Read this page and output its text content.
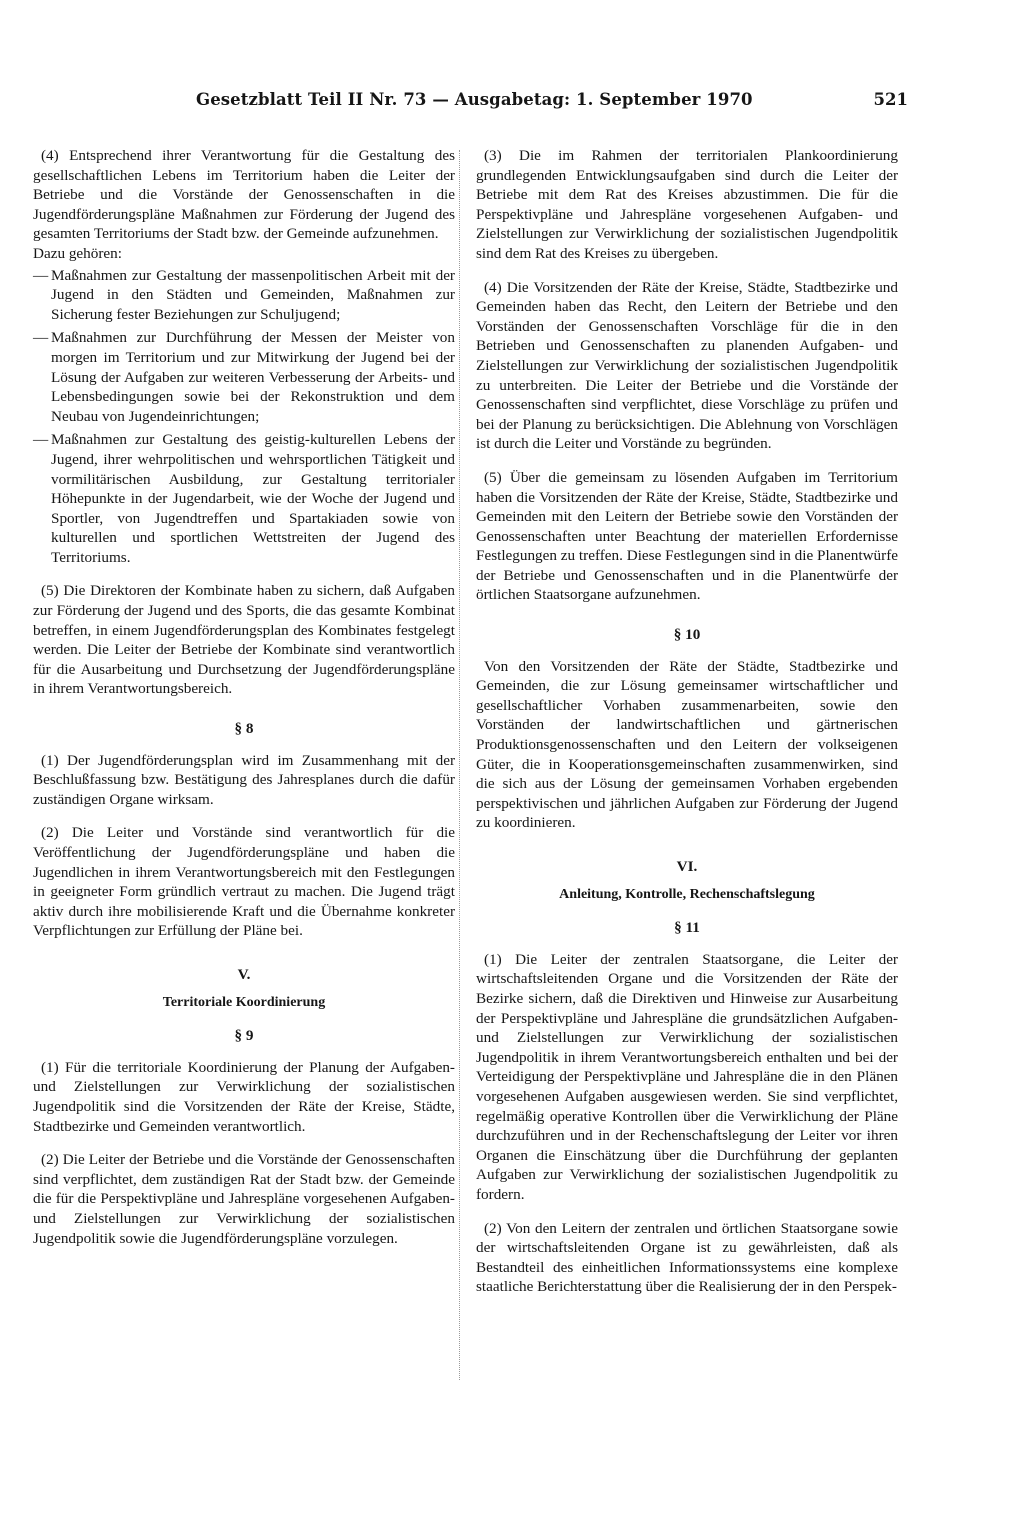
Gesetzblatt Teil II Nr. 73 — Ausgabetag: 1. September 1970	521

(4) Entsprechend ihrer Verantwortung für die Gestaltung des gesellschaftlichen Lebens im Territorium haben die Leiter der Betriebe und die Vorstände der Genossenschaften in die Jugendförderungspläne Maßnahmen zur Förderung der Jugend des gesamten Territoriums der Stadt bzw. der Gemeinde aufzunehmen.

Dazu gehören:

— Maßnahmen zur Gestaltung der massenpolitischen Arbeit mit der Jugend in den Städten und Gemeinden, Maßnahmen zur Sicherung fester Beziehungen zur Schuljugend;
— Maßnahmen zur Durchführung der Messen der Meister von morgen im Territorium und zur Mitwirkung der Jugend bei der Lösung der Aufgaben zur weiteren Verbesserung der Arbeits- und Lebensbedingungen sowie bei der Rekonstruktion und dem Neubau von Jugendeinrichtungen;
— Maßnahmen zur Gestaltung des geistig-kulturellen Lebens der Jugend, ihrer wehrpolitischen und wehrsportlichen Tätigkeit und vormilitärischen Ausbildung, zur Gestaltung territorialer Höhepunkte in der Jugendarbeit, wie der Woche der Jugend und Sportler, von Jugendtreffen und Spartakiaden sowie von kulturellen und sportlichen Wettstreiten der Jugend des Territoriums.

(5) Die Direktoren der Kombinate haben zu sichern, daß Aufgaben zur Förderung der Jugend und des Sports, die das gesamte Kombinat betreffen, in einem Jugendförderungsplan des Kombinates festgelegt werden. Die Leiter der Betriebe der Kombinate sind verantwortlich für die Ausarbeitung und Durchsetzung der Jugendförderungspläne in ihrem Verantwortungsbereich.

§ 8

(1) Der Jugendförderungsplan wird im Zusammenhang mit der Beschlußfassung bzw. Bestätigung des Jahresplanes durch die dafür zuständigen Organe wirksam.

(2) Die Leiter und Vorstände sind verantwortlich für die Veröffentlichung der Jugendförderungspläne und haben die Jugendlichen in ihrem Verantwortungsbereich mit den Festlegungen in geeigneter Form gründlich vertraut zu machen. Die Jugend trägt aktiv durch ihre mobilisierende Kraft und die Übernahme konkreter Verpflichtungen zur Erfüllung der Pläne bei.

V.
Territoriale Koordinierung
§ 9

(1) Für die territoriale Koordinierung der Planung der Aufgaben- und Zielstellungen zur Verwirklichung der sozialistischen Jugendpolitik sind die Vorsitzenden der Räte der Kreise, Städte, Stadtbezirke und Gemeinden verantwortlich.

(2) Die Leiter der Betriebe und die Vorstände der Genossenschaften sind verpflichtet, dem zuständigen Rat der Stadt bzw. der Gemeinde die für die Perspektivpläne und Jahrespläne vorgesehenen Aufgaben- und Zielstellungen zur Verwirklichung der sozialistischen Jugendpolitik sowie die Jugendförderungspläne vorzulegen.

(3) Die im Rahmen der territorialen Plankoordinierung grundlegenden Entwicklungsaufgaben sind durch die Leiter der Betriebe mit dem Rat des Kreises abzustimmen. Die für die Perspektivpläne und Jahrespläne vorgesehenen Aufgaben- und Zielstellungen zur Verwirklichung der sozialistischen Jugendpolitik sind dem Rat des Kreises zu übergeben.

(4) Die Vorsitzenden der Räte der Kreise, Städte, Stadtbezirke und Gemeinden haben das Recht, den Leitern der Betriebe und den Vorständen der Genossenschaften Vorschläge für die in den Betrieben und Genossenschaften zu planenden Aufgaben- und Zielstellungen zur Verwirklichung der sozialistischen Jugendpolitik zu unterbreiten. Die Leiter der Betriebe und die Vorstände der Genossenschaften sind verpflichtet, diese Vorschläge zu prüfen und bei der Planung zu berücksichtigen. Die Ablehnung von Vorschlägen ist durch die Leiter und Vorstände zu begründen.

(5) Über die gemeinsam zu lösenden Aufgaben im Territorium haben die Vorsitzenden der Räte der Kreise, Städte, Stadtbezirke und Gemeinden mit den Leitern der Betriebe sowie den Vorständen der Genossenschaften unter Beachtung der materiellen Erfordernisse Festlegungen zu treffen. Diese Festlegungen sind in die Planentwürfe der Betriebe und Genossenschaften und in die Planentwürfe der örtlichen Staatsorgane aufzunehmen.

§ 10

Von den Vorsitzenden der Räte der Städte, Stadtbezirke und Gemeinden, die zur Lösung gemeinsamer wirtschaftlicher und gesellschaftlicher Vorhaben zusammenarbeiten, sowie den Vorständen der landwirtschaftlichen und gärtnerischen Produktionsgenossenschaften und den Leitern der volkseigenen Güter, die in Kooperationsgemeinschaften zusammenwirken, sind die sich aus der Lösung der gemeinsamen Vorhaben ergebenden perspektivischen und jährlichen Aufgaben zur Förderung der Jugend zu koordinieren.

VI.
Anleitung, Kontrolle, Rechenschaftslegung
§ 11

(1) Die Leiter der zentralen Staatsorgane, die Leiter der wirtschaftsleitenden Organe und die Vorsitzenden der Räte der Bezirke sichern, daß die Direktiven und Hinweise zur Ausarbeitung der Perspektivpläne und Jahrespläne die grundsätzlichen Aufgaben- und Zielstellungen zur Verwirklichung der sozialistischen Jugendpolitik in ihrem Verantwortungsbereich enthalten und bei der Verteidigung der Perspektivpläne und Jahrespläne die in den Plänen vorgesehenen Aufgaben ausgewiesen werden. Sie sind verpflichtet, regelmäßig operative Kontrollen über die Verwirklichung der Pläne durchzuführen und in der Rechenschaftslegung der Leiter vor ihren Organen die Einschätzung über die Durchführung der geplanten Aufgaben zur Verwirklichung der sozialistischen Jugendpolitik zu fordern.

(2) Von den Leitern der zentralen und örtlichen Staatsorgane sowie der wirtschaftsleitenden Organe ist zu gewährleisten, daß als Bestandteil des einheitlichen Informationssystems eine komplexe staatliche Berichterstattung über die Realisierung der in den Perspek-
